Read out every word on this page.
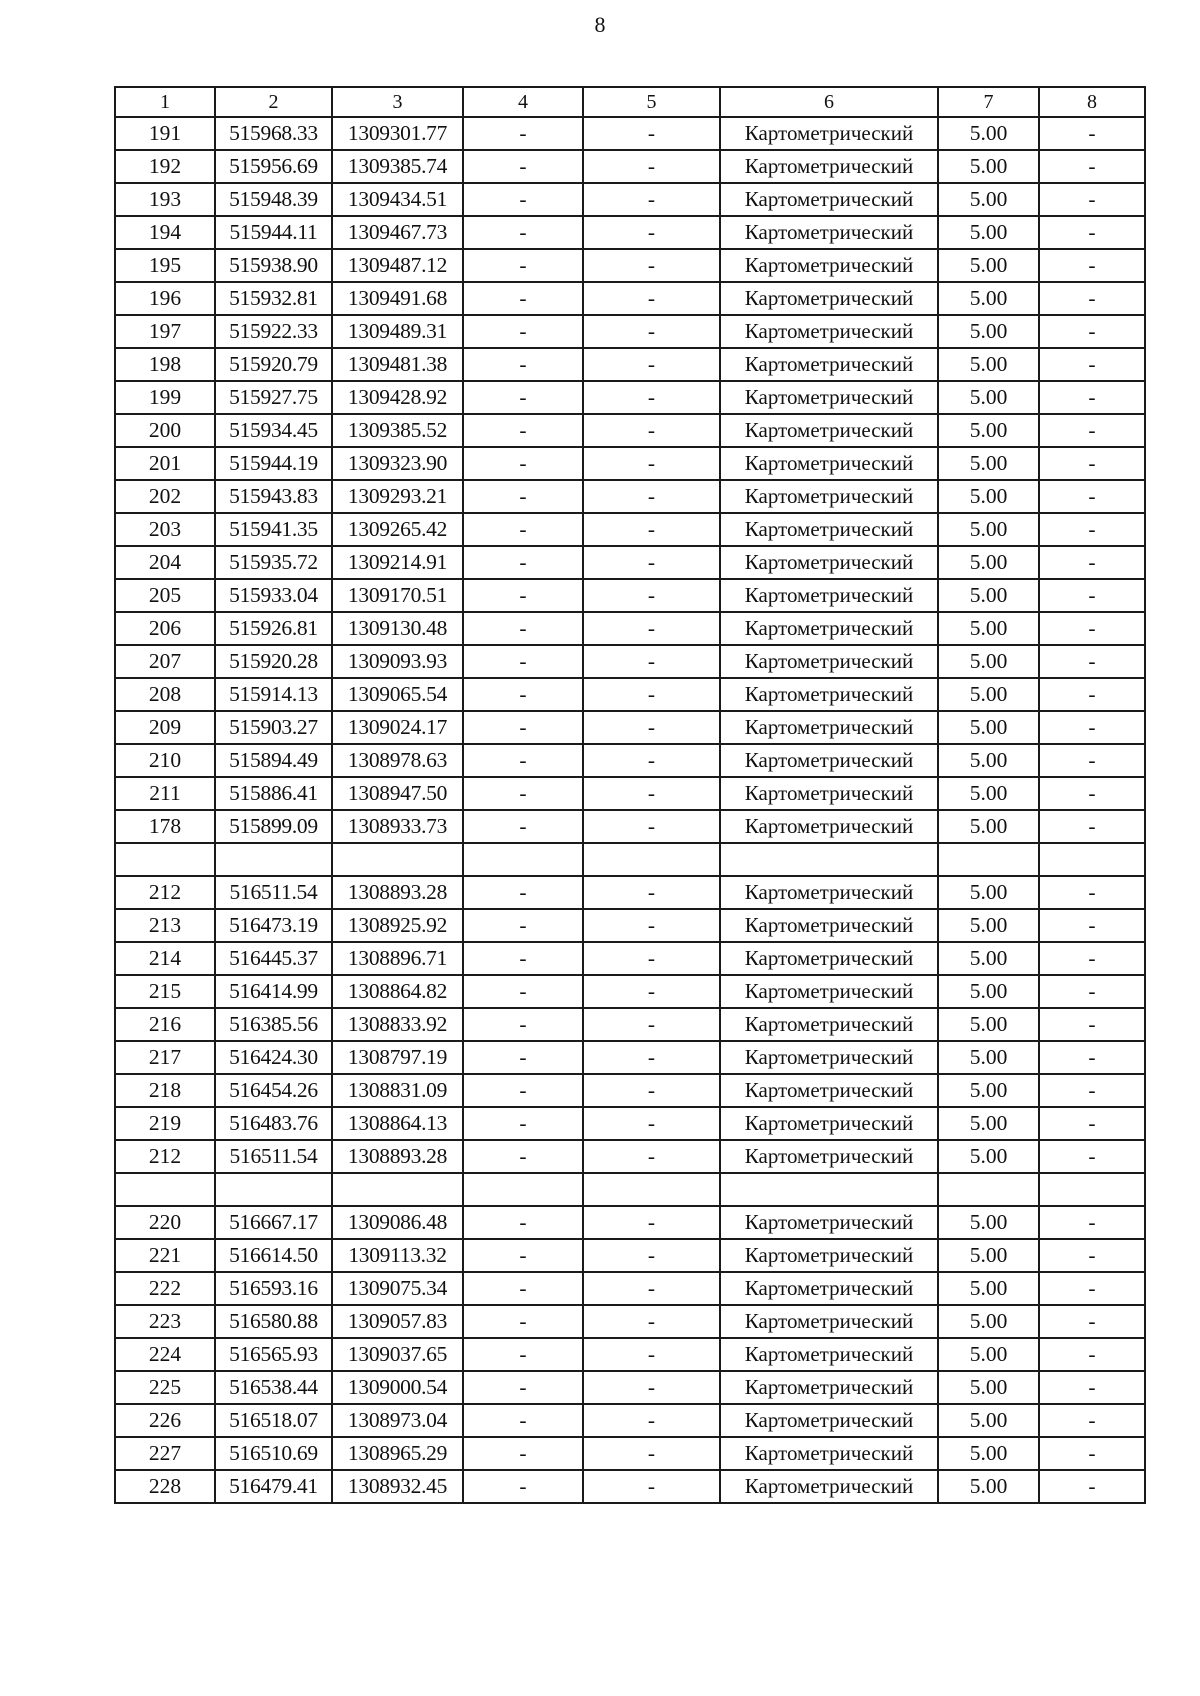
8
1	2	3	4	5	6	7	8
191	515968.33	1309301.77	-	-	Картометрический	5.00	-
192	515956.69	1309385.74	-	-	Картометрический	5.00	-
193	515948.39	1309434.51	-	-	Картометрический	5.00	-
194	515944.11	1309467.73	-	-	Картометрический	5.00	-
195	515938.90	1309487.12	-	-	Картометрический	5.00	-
196	515932.81	1309491.68	-	-	Картометрический	5.00	-
197	515922.33	1309489.31	-	-	Картометрический	5.00	-
198	515920.79	1309481.38	-	-	Картометрический	5.00	-
199	515927.75	1309428.92	-	-	Картометрический	5.00	-
200	515934.45	1309385.52	-	-	Картометрический	5.00	-
201	515944.19	1309323.90	-	-	Картометрический	5.00	-
202	515943.83	1309293.21	-	-	Картометрический	5.00	-
203	515941.35	1309265.42	-	-	Картометрический	5.00	-
204	515935.72	1309214.91	-	-	Картометрический	5.00	-
205	515933.04	1309170.51	-	-	Картометрический	5.00	-
206	515926.81	1309130.48	-	-	Картометрический	5.00	-
207	515920.28	1309093.93	-	-	Картометрический	5.00	-
208	515914.13	1309065.54	-	-	Картометрический	5.00	-
209	515903.27	1309024.17	-	-	Картометрический	5.00	-
210	515894.49	1308978.63	-	-	Картометрический	5.00	-
211	515886.41	1308947.50	-	-	Картометрический	5.00	-
178	515899.09	1308933.73	-	-	Картометрический	5.00	-

212	516511.54	1308893.28	-	-	Картометрический	5.00	-
213	516473.19	1308925.92	-	-	Картометрический	5.00	-
214	516445.37	1308896.71	-	-	Картометрический	5.00	-
215	516414.99	1308864.82	-	-	Картометрический	5.00	-
216	516385.56	1308833.92	-	-	Картометрический	5.00	-
217	516424.30	1308797.19	-	-	Картометрический	5.00	-
218	516454.26	1308831.09	-	-	Картометрический	5.00	-
219	516483.76	1308864.13	-	-	Картометрический	5.00	-
212	516511.54	1308893.28	-	-	Картометрический	5.00	-

220	516667.17	1309086.48	-	-	Картометрический	5.00	-
221	516614.50	1309113.32	-	-	Картометрический	5.00	-
222	516593.16	1309075.34	-	-	Картометрический	5.00	-
223	516580.88	1309057.83	-	-	Картометрический	5.00	-
224	516565.93	1309037.65	-	-	Картометрический	5.00	-
225	516538.44	1309000.54	-	-	Картометрический	5.00	-
226	516518.07	1308973.04	-	-	Картометрический	5.00	-
227	516510.69	1308965.29	-	-	Картометрический	5.00	-
228	516479.41	1308932.45	-	-	Картометрический	5.00	-
